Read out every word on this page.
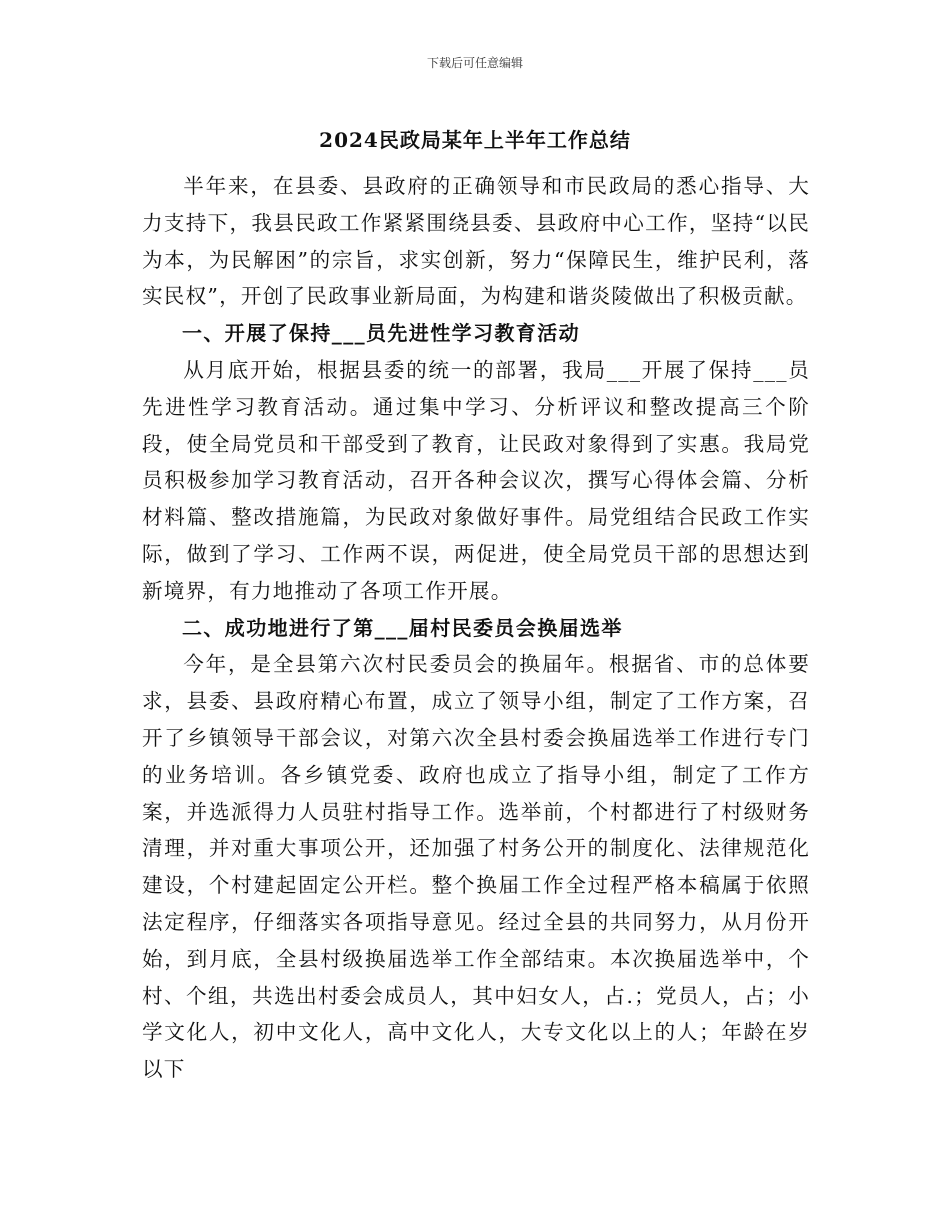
下载后可任意编辑
2024民政局某年上半年工作总结

半年来，在县委、县政府的正确领导和市民政局的悉心指导、大力支持下，我县民政工作紧紧围绕县委、县政府中心工作，坚持“以民为本，为民解困”的宗旨，求实创新，努力“保障民生，维护民利，落实民权”，开创了民政事业新局面，为构建和谐炎陵做出了积极贡献。

一、开展了保持___员先进性学习教育活动

从月底开始，根据县委的统一的部署，我局___开展了保持___员先进性学习教育活动。通过集中学习、分析评议和整改提高三个阶段，使全局党员和干部受到了教育，让民政对象得到了实惠。我局党员积极参加学习教育活动，召开各种会议次，撰写心得体会篇、分析材料篇、整改措施篇，为民政对象做好事件。局党组结合民政工作实际，做到了学习、工作两不误，两促进，使全局党员干部的思想达到新境界，有力地推动了各项工作开展。

二、成功地进行了第___届村民委员会换届选举

今年，是全县第六次村民委员会的换届年。根据省、市的总体要求，县委、县政府精心布置，成立了领导小组，制定了工作方案，召开了乡镇领导干部会议，对第六次全县村委会换届选举工作进行专门的业务培训。各乡镇党委、政府也成立了指导小组，制定了工作方案，并选派得力人员驻村指导工作。选举前，个村都进行了村级财务清理，并对重大事项公开，还加强了村务公开的制度化、法律规范化建设，个村建起固定公开栏。整个换届工作全过程严格本稿属于依照法定程序，仔细落实各项指导意见。经过全县的共同努力，从月份开始，到月底，全县村级换届选举工作全部结束。本次换届选举中，个村、个组，共选出村委会成员人，其中妇女人，占.；党员人，占；小学文化人，初中文化人，高中文化人，大专文化以上的人；年龄在岁以下
